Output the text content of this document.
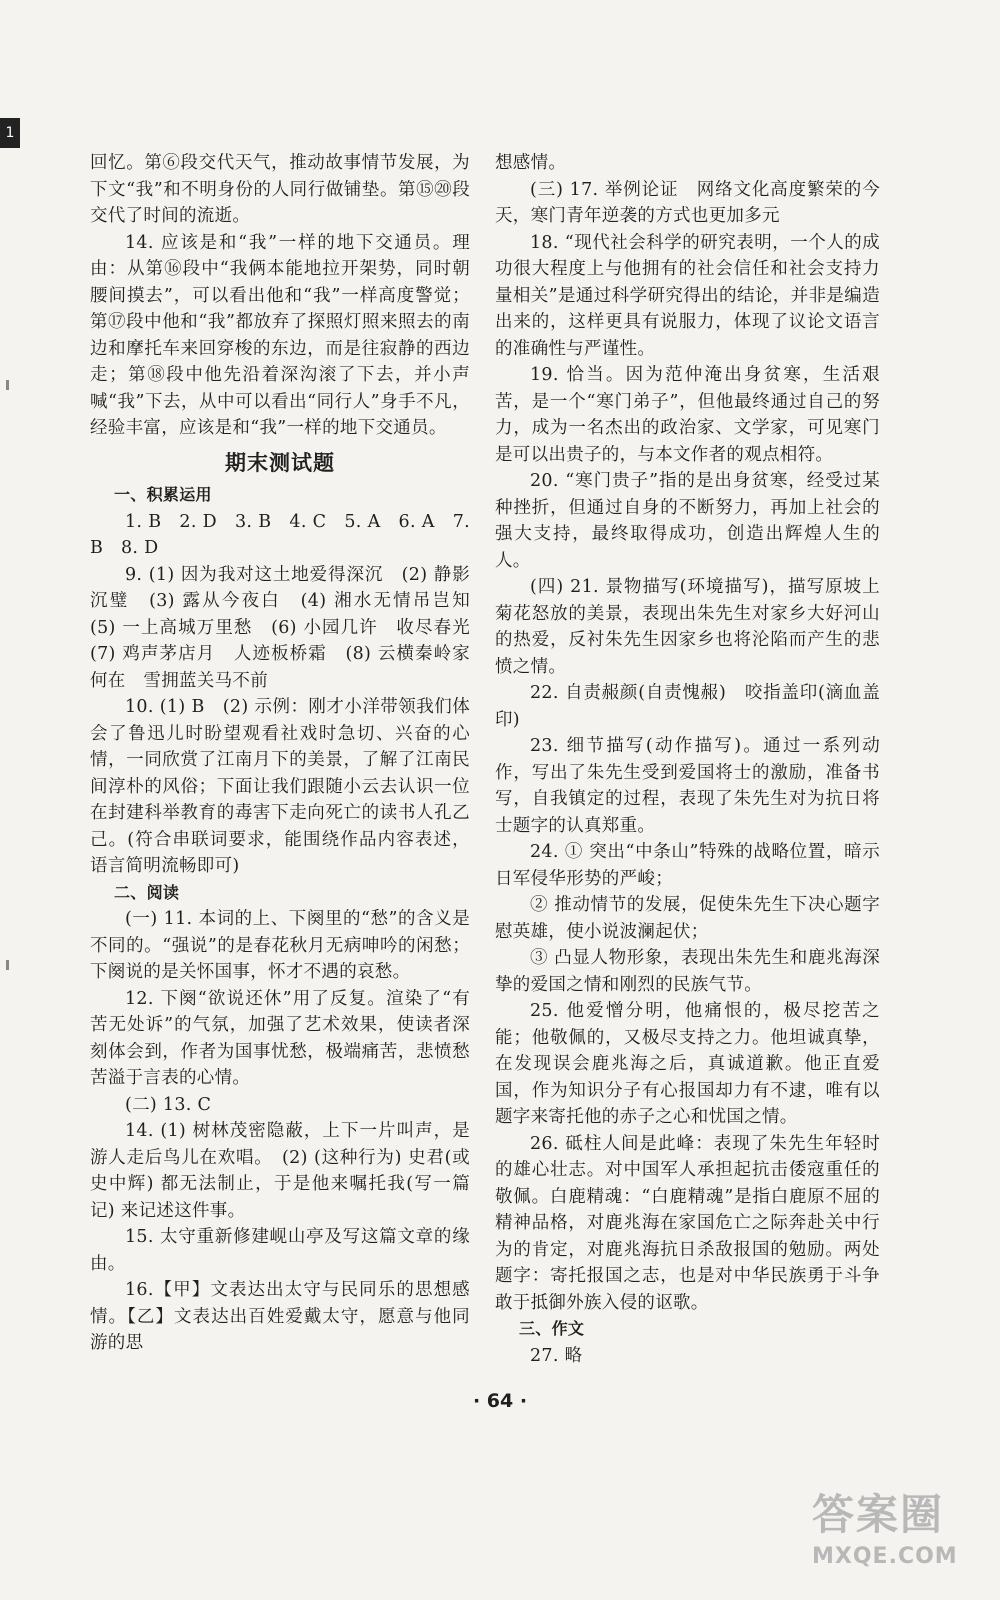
1

回忆。第⑥段交代天气，推动故事情节发展，为下文“我”和不明身份的人同行做铺垫。第⑮⑳段交代了时间的流逝。

14. 应该是和“我”一样的地下交通员。理由：从第⑯段中“我俩本能地拉开架势，同时朝腰间摸去”，可以看出他和“我”一样高度警觉；第⑰段中他和“我”都放弃了探照灯照来照去的南边和摩托车来回穿梭的东边，而是往寂静的西边走；第⑱段中他先沿着深沟滚了下去，并小声喊“我”下去，从中可以看出“同行人”身手不凡，经验丰富，应该是和“我”一样的地下交通员。

期末测试题

一、积累运用

1. B　2. D　3. B　4. C　5. A　6. A　7. B　8. D

9. (1) 因为我对这土地爱得深沉　(2) 静影沉璧　(3) 露从今夜白　(4) 湘水无情吊岂知　(5) 一上高城万里愁　(6) 小园几许　收尽春光　(7) 鸡声茅店月　人迹板桥霜　(8) 云横秦岭家何在　雪拥蓝关马不前

10. (1) B　(2) 示例：刚才小洋带领我们体会了鲁迅儿时盼望观看社戏时急切、兴奋的心情，一同欣赏了江南月下的美景，了解了江南民间淳朴的风俗；下面让我们跟随小云去认识一位在封建科举教育的毒害下走向死亡的读书人孔乙己。(符合串联词要求，能围绕作品内容表述，语言简明流畅即可)

二、阅读

(一) 11. 本词的上、下阕里的“愁”的含义是不同的。“强说”的是春花秋月无病呻吟的闲愁；下阕说的是关怀国事，怀才不遇的哀愁。

12. 下阕“欲说还休”用了反复。渲染了“有苦无处诉”的气氛，加强了艺术效果，使读者深刻体会到，作者为国事忧愁，极端痛苦，悲愤愁苦溢于言表的心情。

(二) 13. C

14. (1) 树林茂密隐蔽，上下一片叫声，是游人走后鸟儿在欢唱。　(2) (这种行为) 史君(或史中辉) 都无法制止，于是他来嘱托我(写一篇记) 来记述这件事。

15. 太守重新修建岘山亭及写这篇文章的缘由。

16.【甲】文表达出太守与民同乐的思想感情。【乙】文表达出百姓爱戴太守，愿意与他同游的思

想感情。

(三) 17. 举例论证　网络文化高度繁荣的今天，寒门青年逆袭的方式也更加多元

18. “现代社会科学的研究表明，一个人的成功很大程度上与他拥有的社会信任和社会支持力量相关”是通过科学研究得出的结论，并非是编造出来的，这样更具有说服力，体现了议论文语言的准确性与严谨性。

19. 恰当。因为范仲淹出身贫寒，生活艰苦，是一个“寒门弟子”，但他最终通过自己的努力，成为一名杰出的政治家、文学家，可见寒门是可以出贵子的，与本文作者的观点相符。

20. “寒门贵子”指的是出身贫寒，经受过某种挫折，但通过自身的不断努力，再加上社会的强大支持，最终取得成功，创造出辉煌人生的人。

(四) 21. 景物描写(环境描写)，描写原坡上菊花怒放的美景，表现出朱先生对家乡大好河山的热爱，反衬朱先生因家乡也将沦陷而产生的悲愤之情。

22. 自责赧颜(自责愧赧)　咬指盖印(滴血盖印)

23. 细节描写(动作描写)。通过一系列动作，写出了朱先生受到爱国将士的激励，准备书写，自我镇定的过程，表现了朱先生对为抗日将士题字的认真郑重。

24. ① 突出“中条山”特殊的战略位置，暗示日军侵华形势的严峻；

② 推动情节的发展，促使朱先生下决心题字慰英雄，使小说波澜起伏；

③ 凸显人物形象，表现出朱先生和鹿兆海深挚的爱国之情和刚烈的民族气节。

25. 他爱憎分明，他痛恨的，极尽挖苦之能；他敬佩的，又极尽支持之力。他坦诚真挚，在发现误会鹿兆海之后，真诚道歉。他正直爱国，作为知识分子有心报国却力有不逮，唯有以题字来寄托他的赤子之心和忧国之情。

26. 砥柱人间是此峰：表现了朱先生年轻时的雄心壮志。对中国军人承担起抗击倭寇重任的敬佩。白鹿精魂：“白鹿精魂”是指白鹿原不屈的精神品格，对鹿兆海在家国危亡之际奔赴关中行为的肯定，对鹿兆海抗日杀敌报国的勉励。两处题字：寄托报国之志，也是对中华民族勇于斗争敢于抵御外族入侵的讴歌。

三、作文

27. 略

· 64 ·
答案圈
MXQE.COM
